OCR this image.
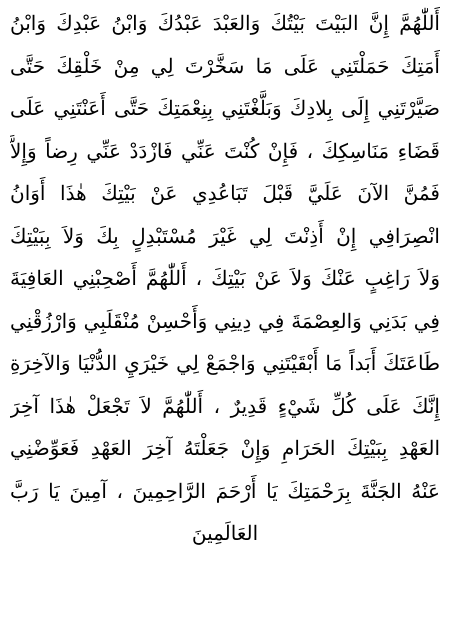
أَللّٰهُمَّ إِنَّ البَيْتَ بَيْتُكَ وَالعَبْدَ عَبْدُكَ وَابْنُ عَبْدِكَ وَابْنُ
أَمَتِكَ حَمَلْتَنِي عَلَى مَا سَخَّرْتَ لِي مِنْ خَلْقِكَ حَتَّى
صَيَّرْتَنِي إِلَى بِلادِكَ وَبَلَّغْتَنِي بِنِعْمَتِكَ حَتَّى أَعَنْتَنِي عَلَى
قَضَاءِ مَنَاسِكِكَ ، فَإِنْ كُنْتَ عَنِّي فَازْدَدْ عَنِّي رِضاً وَإِلاَّ
فَمُنَّ الآنَ عَلَيَّ قَبْلَ تَبَاعُدِي عَنْ بَيْتِكَ هٰذَا أَوَانُ
انْصِرَافِي إِنْ أَذِنْتَ لِي غَيْرَ مُسْتَبْدِلٍ بِكَ وَلاَ بِبَيْتِكَ
وَلاَ رَاغِبٍ عَنْكَ وَلاَ عَنْ بَيْتِكَ ، أَللّٰهُمَّ أَصْحِبْنِي العَافِيَةَ
فِي بَدَنِي وَالعِصْمَةَ فِي دِينِي وَأَحْسِنْ مُنْقَلَبِي وَارْزُقْنِي
طَاعَتَكَ أَبَداً مَا أَبْقَيْتَنِي وَاجْمَعْ لِي خَيْرَيِ الدُّنْيَا وَالآخِرَةِ
إِنَّكَ عَلَى كُلِّ شَيْءٍ قَدِيرٌ ، أَللّٰهُمَّ لاَ تَجْعَلْ هٰذَا آخِرَ
العَهْدِ بِبَيْتِكَ الحَرَامِ وَإِنْ جَعَلْتَهُ آخِرَ العَهْدِ فَعَوِّضْنِي
عَنْهُ الجَنَّةَ بِرَحْمَتِكَ يَا أَرْحَمَ الرَّاحِمِينَ ، آمِينَ يَا رَبَّ
العَالَمِينَ
